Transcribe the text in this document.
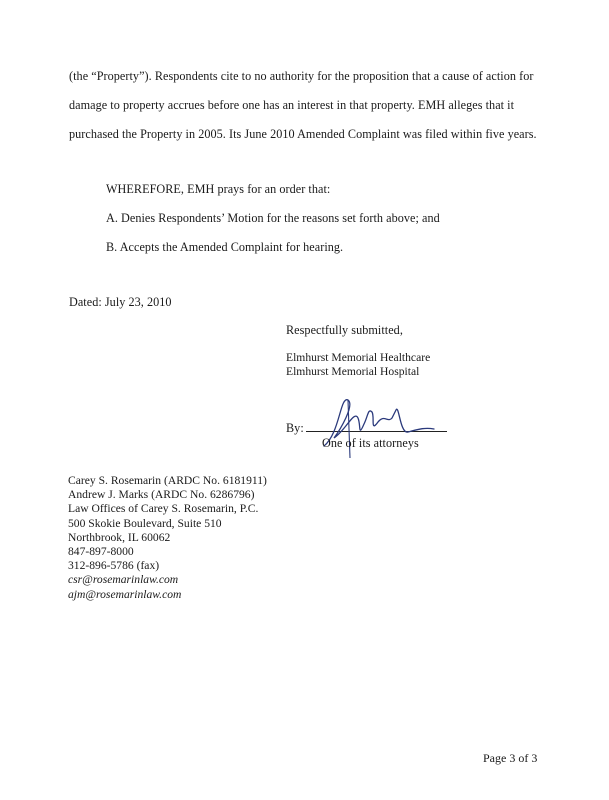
(the “Property”). Respondents cite to no authority for the proposition that a cause of action for
damage to property accrues before one has an interest in that property. EMH alleges that it
purchased the Property in 2005. Its June 2010 Amended Complaint was filed within five years.
WHEREFORE, EMH prays for an order that:
A. Denies Respondents’ Motion for the reasons set forth above; and
B. Accepts the Amended Complaint for hearing.
Dated: July 23, 2010
Respectfully submitted,
Elmhurst Memorial Healthcare
Elmhurst Memorial Hospital
By:
One of its attorneys
Carey S. Rosemarin (ARDC No. 6181911)
Andrew J. Marks (ARDC No. 6286796)
Law Offices of Carey S. Rosemarin, P.C.
500 Skokie Boulevard, Suite 510
Northbrook, IL 60062
847-897-8000
312-896-5786 (fax)
csr@rosemarinlaw.com
ajm@rosemarinlaw.com
Page 3 of 3
